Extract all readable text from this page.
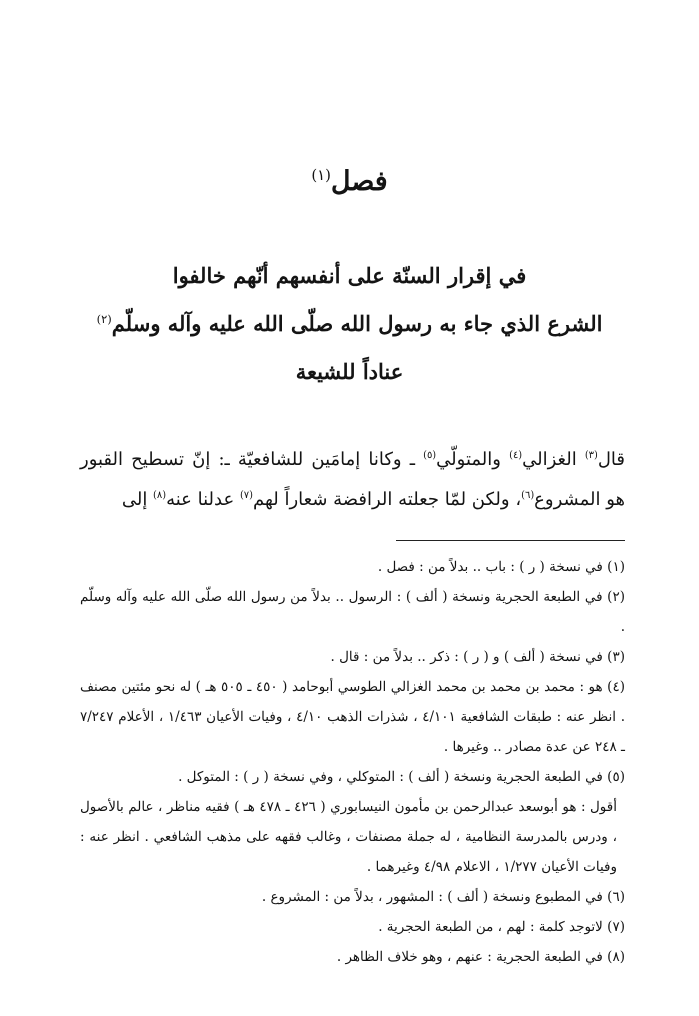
فصل$^{(١)}$
في إقرار السنّة على أنفسهم أنّهم خالفوا
الشرع الذي جاء به رسول الله صلّى الله عليه وآله وسلّم$^{(٢)}$
عناداً للشيعة
قال$^{(٣)}$ الغزالي$^{(٤)}$ والمتولّي$^{(٥)}$ ـ وكانا إمامَين للشافعيّة ـ: إنّ تسطيح القبور هو المشروع$^{(٦)}$، ولكن لمّا جعلته الرافضة شعاراً لهم$^{(٧)}$ عدلنا عنه$^{(٨)}$ إلى

(١) في نسخة ( ر ) : باب .. بدلاً من : فصل .

(٢) في الطبعة الحجرية ونسخة ( ألف ) : الرسول .. بدلاً من رسول الله صلّى الله عليه وآله وسلّم .

(٣) في نسخة ( ألف ) و ( ر ) : ذكر .. بدلاً من : قال .

(٤) هو : محمد بن محمد بن محمد الغزالي الطوسي أبوحامد ( ٤٥٠ ـ ٥٠٥ هـ ) له نحو مئتين مصنف . انظر عنه : طبقات الشافعية ٤/١٠١ ، شذرات الذهب ٤/١٠ ، وفيات الأعيان ١/٤٦٣ ، الأعلام ٧/٢٤٧ ـ ٢٤٨ عن عدة مصادر .. وغيرها .

(٥) في الطبعة الحجرية ونسخة ( ألف ) : المتوكلي ، وفي نسخة ( ر ) : المتوكل .

أقول : هو أبوسعد عبدالرحمن بن مأمون النيسابوري ( ٤٢٦ ـ ٤٧٨ هـ ) فقيه مناظر ، عالم بالأصول ، ودرس بالمدرسة النظامية ، له جملة مصنفات ، وغالب فقهه على مذهب الشافعي . انظر عنه : وفيات الأعيان ١/٢٧٧ ، الاعلام ٤/٩٨ وغيرهما .

(٦) في المطبوع ونسخة ( ألف ) : المشهور ، بدلاً من : المشروع .

(٧) لاتوجد كلمة : لهم ، من الطبعة الحجرية .

(٨) في الطبعة الحجرية : عنهم ، وهو خلاف الظاهر .
